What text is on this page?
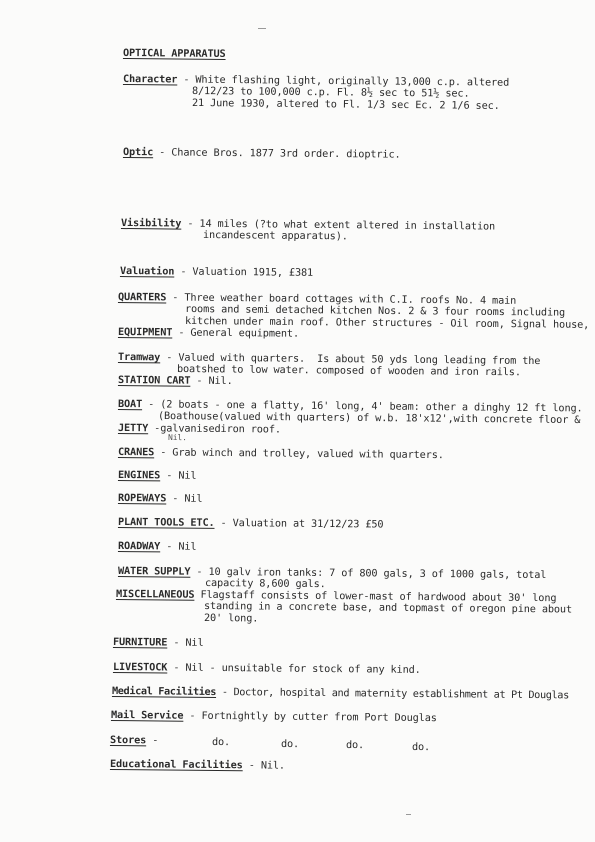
OPTICAL APPARATUS
Character - White flashing light, originally 13,000 c.p. altered
8/12/23 to 100,000 c.p. Fl. 8½ sec to 51½ sec.
21 June 1930, altered to Fl. 1/3 sec Ec. 2 1/6 sec.
Optic - Chance Bros. 1877 3rd order. dioptric.
Visibility - 14 miles (?to what extent altered in installation
incandescent apparatus).
Valuation - Valuation 1915, £381
QUARTERS - Three weather board cottages with C.I. roofs No. 4 main
rooms and semi detached kitchen Nos. 2 & 3 four rooms including
kitchen under main roof. Other structures - Oil room, Signal house,
EQUIPMENT - General equipment.
Tramway - Valued with quarters.  Is about 50 yds long leading from the
boatshed to low water. composed of wooden and iron rails.
STATION CART - Nil.
BOAT - (2 boats - one a flatty, 16' long, 4' beam: other a dinghy 12 ft long.
(Boathouse(valued with quarters) of w.b. 18'x12',with concrete floor &
JETTY -galvanisediron roof.
Nil.
CRANES - Grab winch and trolley, valued with quarters.
ENGINES - Nil
ROPEWAYS - Nil
PLANT TOOLS ETC. - Valuation at 31/12/23 £50
ROADWAY - Nil
WATER SUPPLY - 10 galv iron tanks: 7 of 800 gals, 3 of 1000 gals, total
capacity 8,600 gals.
MISCELLANEOUS Flagstaff consists of lower-mast of hardwood about 30' long
standing in a concrete base, and topmast of oregon pine about
20' long.
FURNITURE - Nil
LIVESTOCK - Nil - unsuitable for stock of any kind.
Medical Facilities - Doctor, hospital and maternity establishment at Pt Douglas
Mail Service - Fortnightly by cutter from Port Douglas
Stores -	do.	do.	do.	do.
Educational Facilities - Nil.
